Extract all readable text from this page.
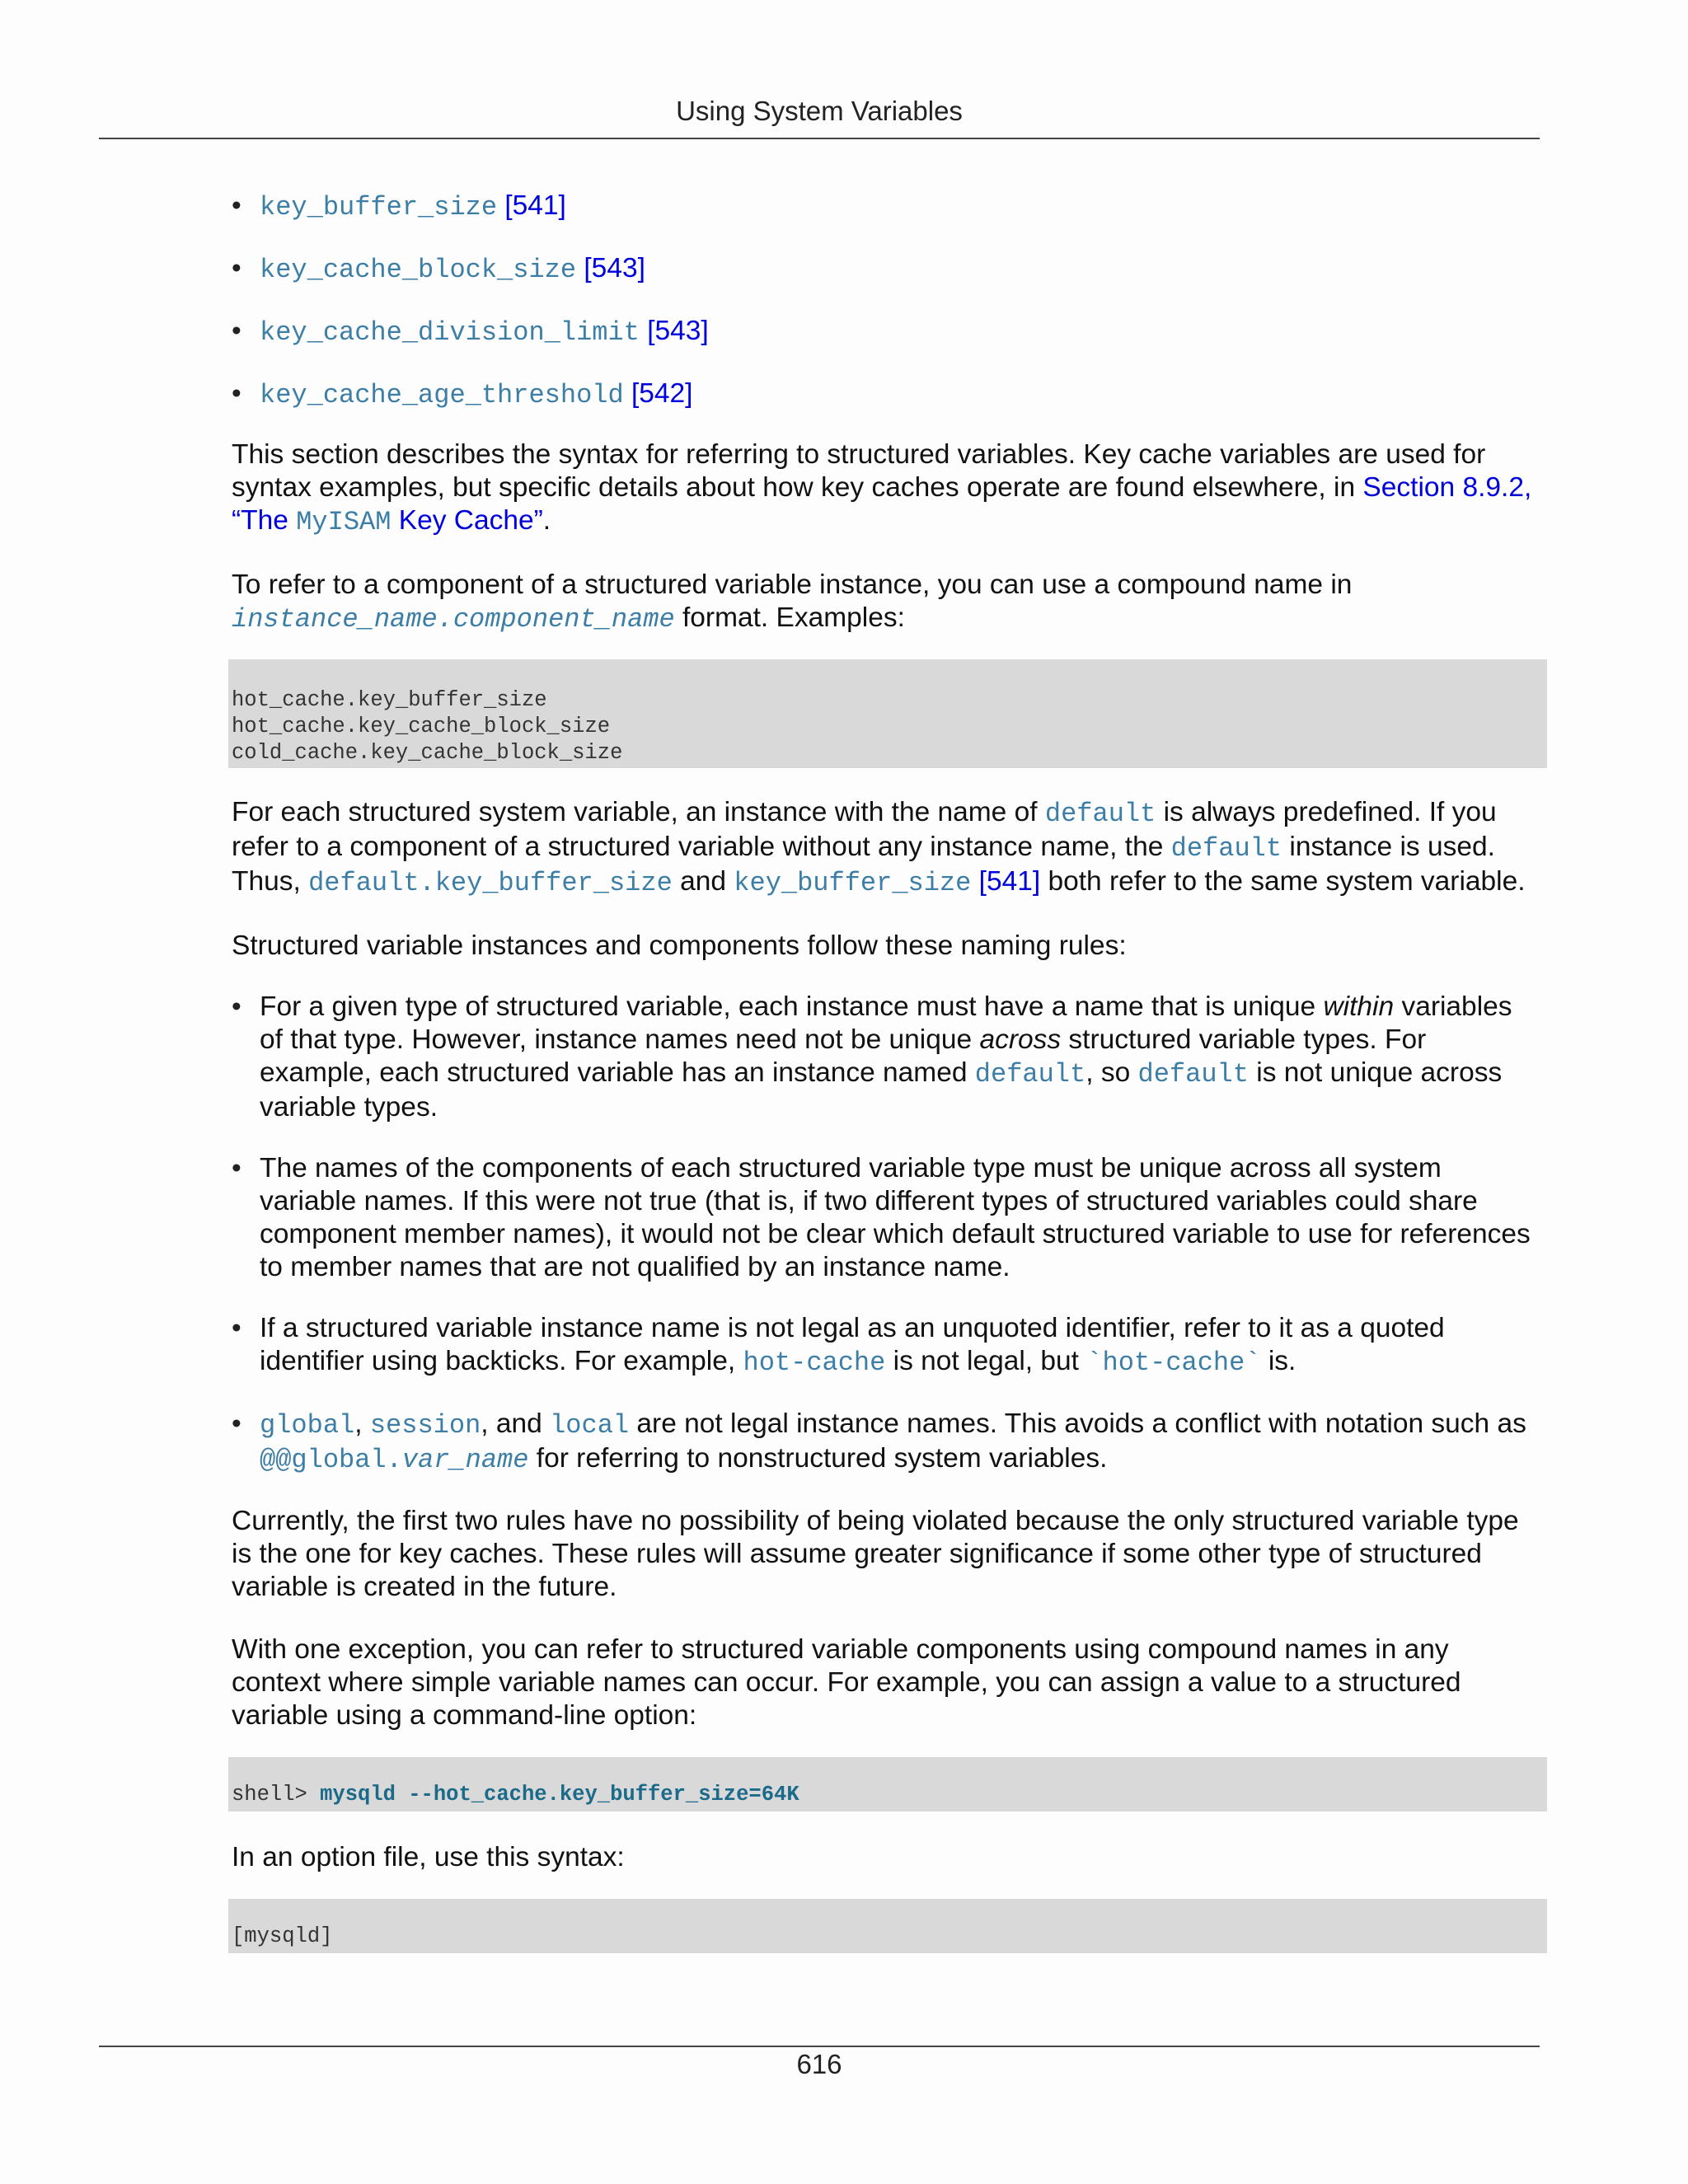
Using System Variables
• key_buffer_size [541]
• key_cache_block_size [543]
• key_cache_division_limit [543]
• key_cache_age_threshold [542]

This section describes the syntax for referring to structured variables. Key cache variables are used for syntax examples, but specific details about how key caches operate are found elsewhere, in Section 8.9.2,
“The MyISAM Key Cache”.

To refer to a component of a structured variable instance, you can use a compound name in
instance_name.component_name format. Examples:

hot_cache.key_buffer_size
hot_cache.key_cache_block_size
cold_cache.key_cache_block_size

For each structured system variable, an instance with the name of default is always predefined. If you refer to a component of a structured variable without any instance name, the default instance is used. Thus, default.key_buffer_size and key_buffer_size [541] both refer to the same system variable.

Structured variable instances and components follow these naming rules:

• For a given type of structured variable, each instance must have a name that is unique within variables of that type. However, instance names need not be unique across structured variable types. For example, each structured variable has an instance named default, so default is not unique across variable types.
• The names of the components of each structured variable type must be unique across all system variable names. If this were not true (that is, if two different types of structured variables could share component member names), it would not be clear which default structured variable to use for references to member names that are not qualified by an instance name.
• If a structured variable instance name is not legal as an unquoted identifier, refer to it as a quoted identifier using backticks. For example, hot-cache is not legal, but `hot-cache` is.
• global, session, and local are not legal instance names. This avoids a conflict with notation such as
@@global.var_name for referring to nonstructured system variables.

Currently, the first two rules have no possibility of being violated because the only structured variable type is the one for key caches. These rules will assume greater significance if some other type of structured variable is created in the future.

With one exception, you can refer to structured variable components using compound names in any context where simple variable names can occur. For example, you can assign a value to a structured variable using a command-line option:

shell> mysqld --hot_cache.key_buffer_size=64K

In an option file, use this syntax:

[mysqld]
616
